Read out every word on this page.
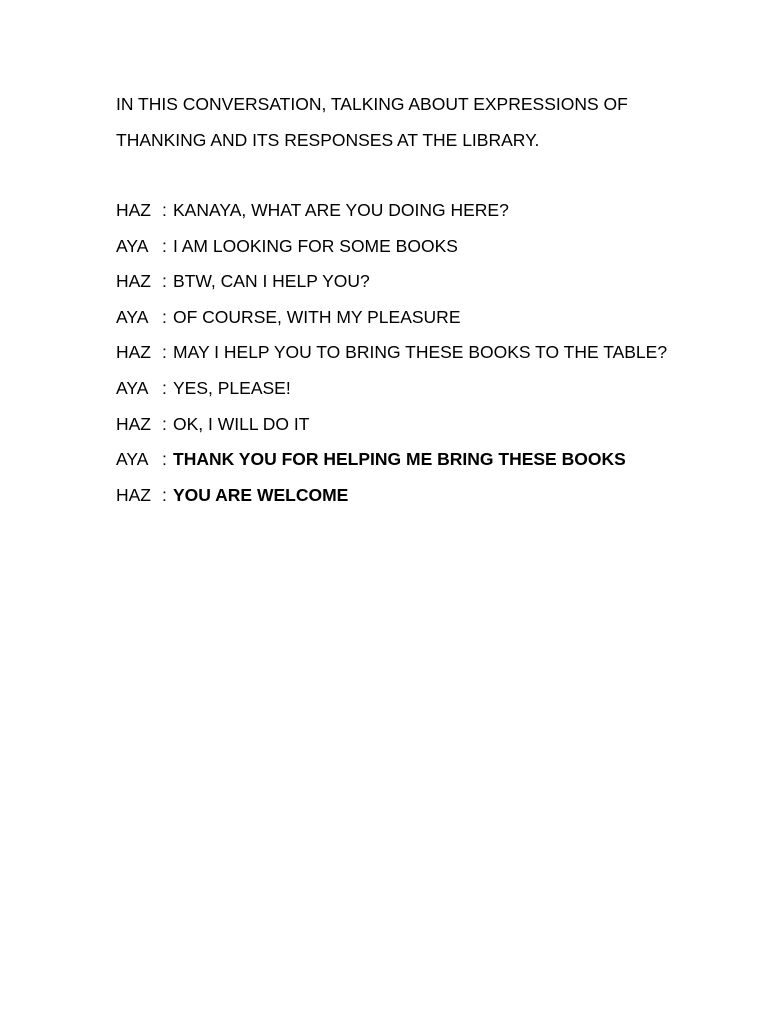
IN THIS CONVERSATION, TALKING ABOUT EXPRESSIONS OF

THANKING AND ITS RESPONSES AT THE LIBRARY.

HAZ : KANAYA, WHAT ARE YOU DOING HERE?
AYA : I AM LOOKING FOR SOME BOOKS
HAZ : BTW, CAN I HELP YOU?
AYA : OF COURSE, WITH MY PLEASURE
HAZ : MAY I HELP YOU TO BRING THESE BOOKS TO THE TABLE?
AYA : YES, PLEASE!
HAZ : OK, I WILL DO IT
AYA : THANK YOU FOR HELPING ME BRING THESE BOOKS
HAZ : YOU ARE WELCOME
